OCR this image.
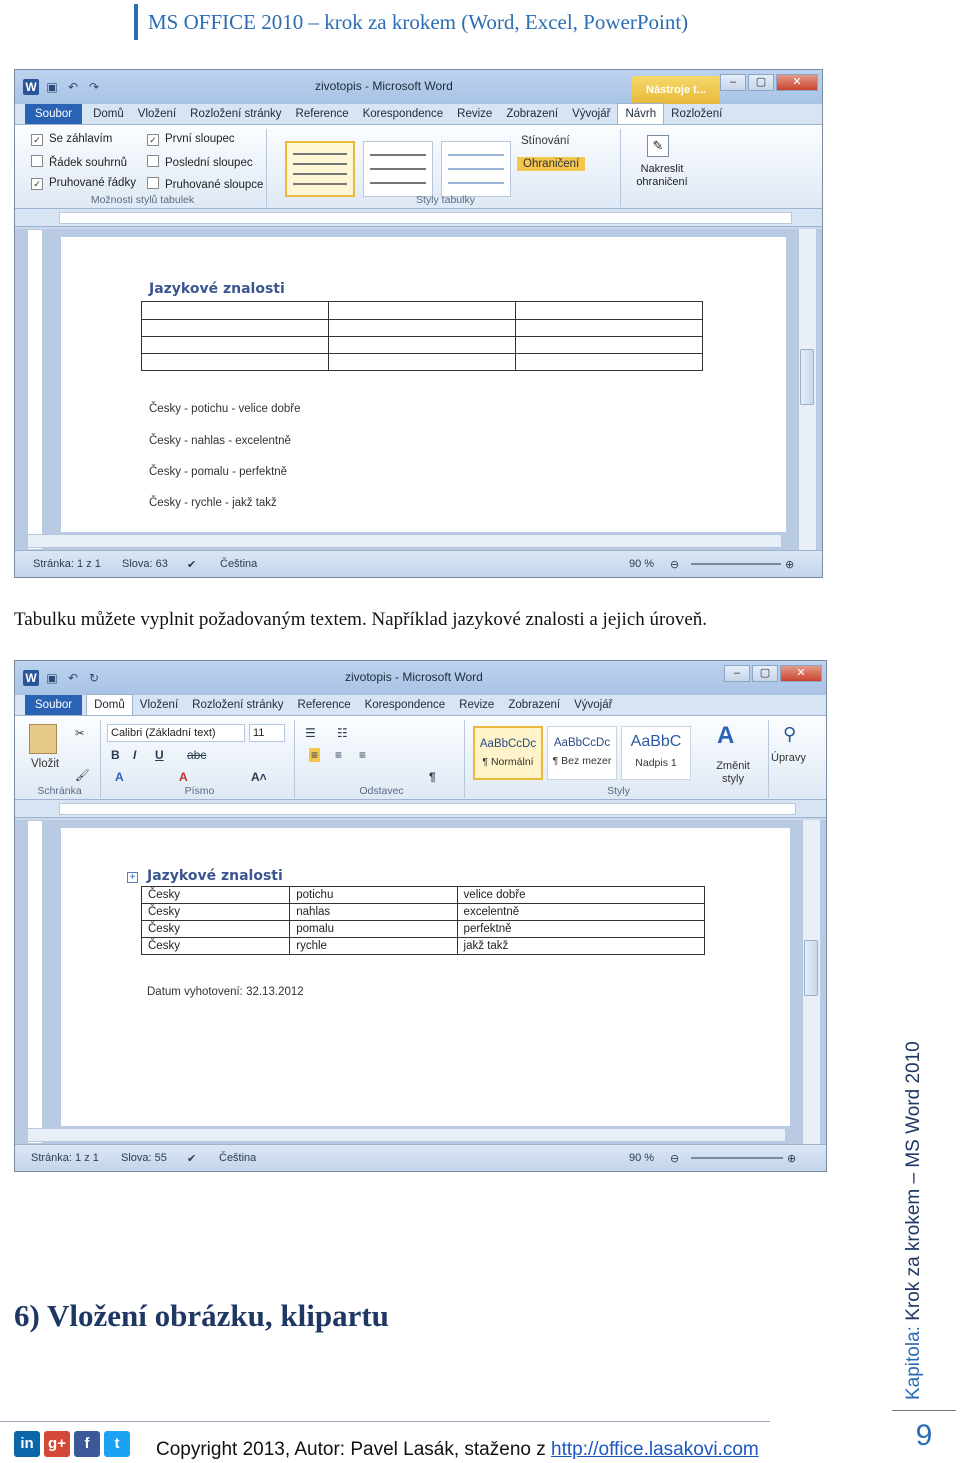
MS OFFICE 2010 – krok za krokem (Word, Excel, PowerPoint)
W ▣ ↶ ↷	zivotopis - Microsoft Word	Nástroje t...
–	▢	✕
Soubor	Domů	Vložení	Rozložení stránky	Reference	Korespondence	Revize	Zobrazení	Vývojář	Návrh	Rozložení
✓ Se záhlavím
Řádek souhrnů
✓ Pruhované řádky
✓ První sloupec
Poslední sloupec
Pruhované sloupce
Možnosti stylů tabulek
Stínování
Ohraničení
Styly tabulky
✎
Nakreslit ohraničení
Jazykové znalosti

Česky - potichu - velice dobře
Česky - nahlas - excelentně
Česky - pomalu - perfektně
Česky - rychle - jakž takž
Stránka: 1 z 1 Slova: 63 ✔ Čeština	90 % ⊖	⊕
Tabulku můžete vyplnit požadovaným textem. Například jazykové znalosti a jejich úroveň.
W ▣ ↶ ↻	zivotopis - Microsoft Word	–	▢	✕
Soubor	Domů	Vložení	Rozložení stránky	Reference	Korespondence	Revize	Zobrazení	Vývojář
Vložit
✂
🖌
Schránka
Calibri (Základní text)	11
B I U abc
A	A	A˄
Písmo
☰ ☷
≡ ≡ ≡
¶
Odstavec
AaBbCcDc
¶ Normální
AaBbCcDc
¶ Bez mezer
AaBbC
Nadpis 1
A
Změnit styly
Styly
⚲
Úpravy
+ Jazykové znalosti
Česky	potichu	velice dobře
Česky	nahlas	excelentně
Česky	pomalu	perfektně
Česky	rychle	jakž takž
Datum vyhotovení: 32.13.2012
Stránka: 1 z 1 Slova: 55 ✔ Čeština	90 % ⊖	⊕
6) Vložení obrázku, klipartu
Kapitola: Krok za krokem – MS Word 2010
9
in g+	f	t	Copyright 2013, Autor: Pavel Lasák, staženo z http://office.lasakovi.com
